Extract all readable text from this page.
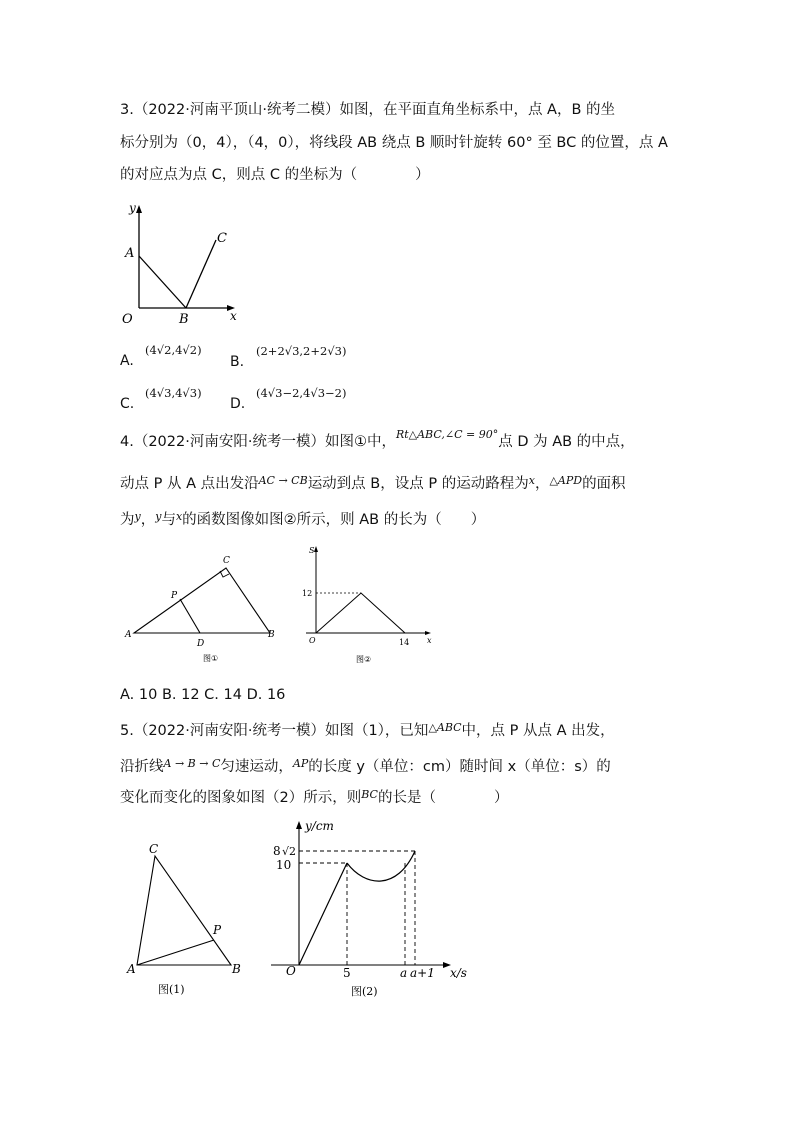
3.（2022·河南平顶山·统考二模）如图，在平面直角坐标系中，点 A，B 的坐
标分别为（0，4），（4，0），将线段 AB 绕点 B 顺时针旋转 60° 至 BC 的位置，点 A
的对应点为点 C，则点 C 的坐标为（　　　　）
y
x
A
O	B
C
A.
(4√2,4√2)
B.
(2+2√3,2+2√3)
C.
(4√3,4√3)
D.
(4√3−2,4√3−2)
4.（2022·河南安阳·统考一模）如图①中，$^{Rt\triangle ABC,\angle C = 90^\circ}$点 D 为 AB 的中点，
动点 P 从 A 点出发沿$^{AC \to CB}$运动到点 B，设点 P 的运动路程为$^x$，$^{\triangle APD}$的面积
为$^y$，$^y$与$^x$的函数图像如图②所示，则 AB 的长为（　　）
C
P
A
D
B
图①
S
12
O	14 x
图②
A. 10 B. 12 C. 14 D. 16
5.（2022·河南安阳·统考一模）如图（1），已知$^{\triangle ABC}$中，点 P 从点 A 出发，
沿折线$^{A \to B \to C}$匀速运动，$^{AP}$的长度 y（单位：cm）随时间 x（单位：s）的
变化而变化的图象如图（2）所示，则$^{BC}$的长是（　　　　）
C
P
A	B
图(1)
y/cm
8 √2
10
O	5	a a+1 x/s
图(2)
